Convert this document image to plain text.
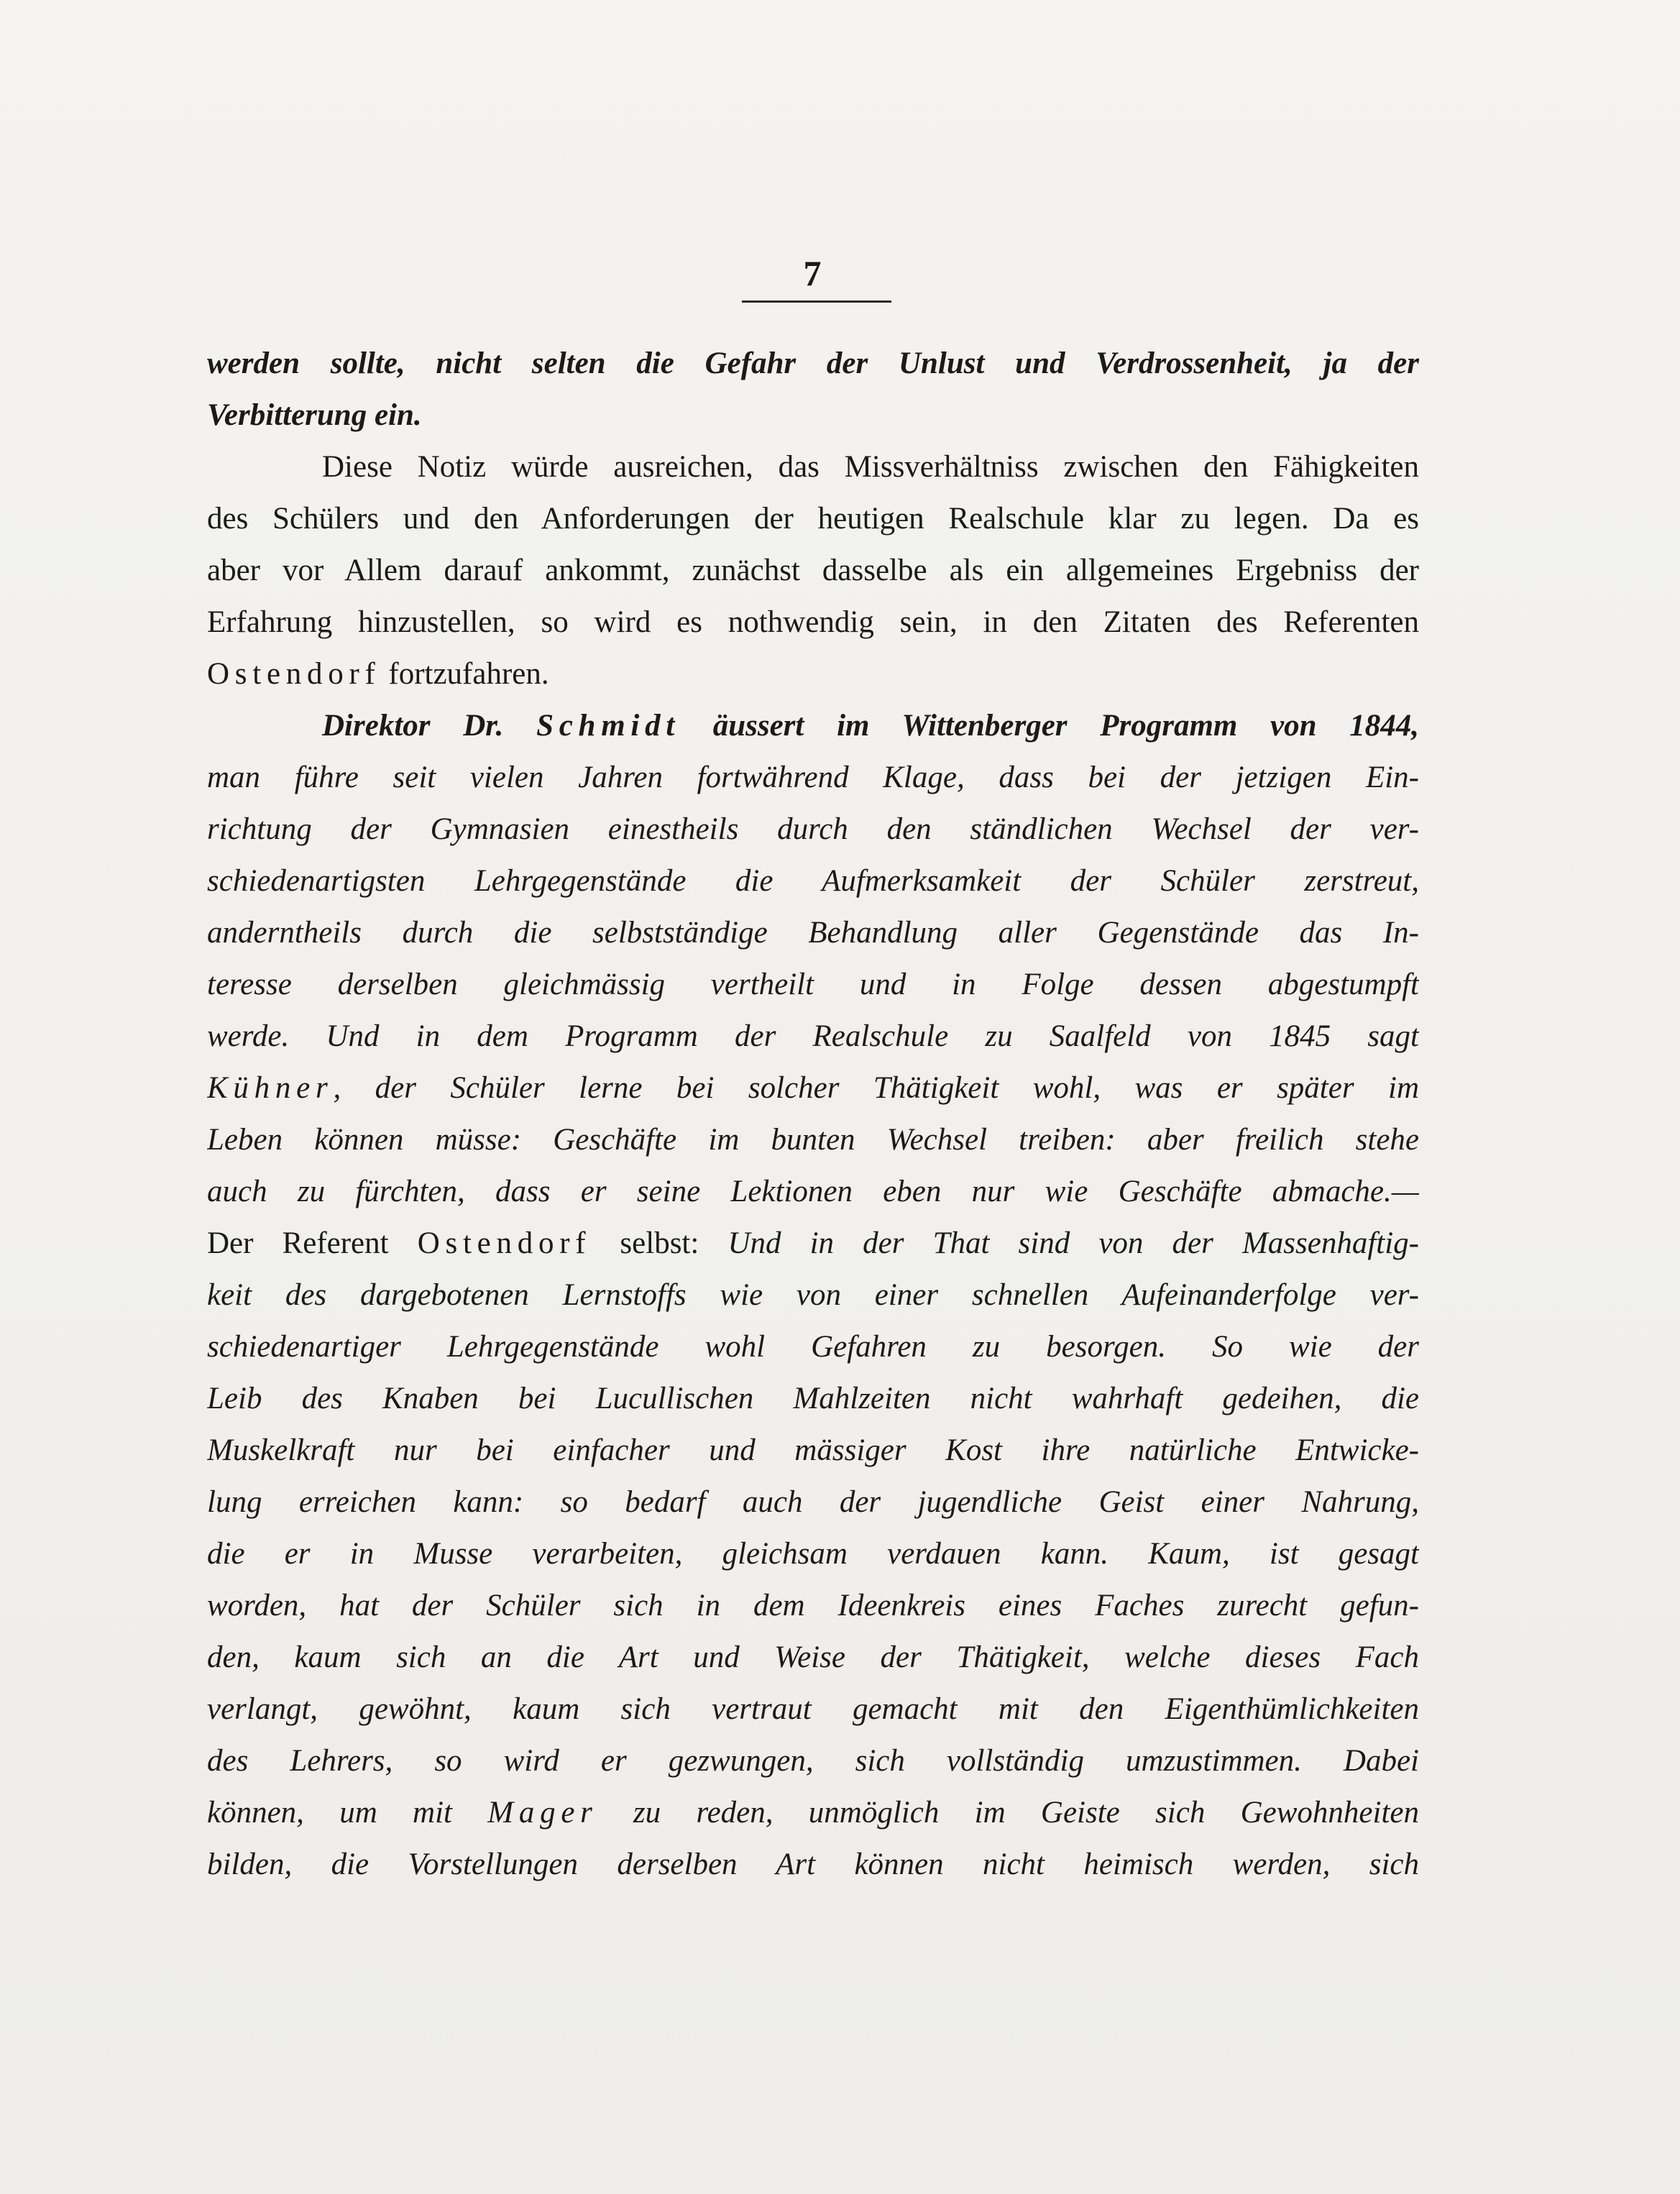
7
werden sollte, nicht selten die Gefahr der Unlust und Verdrossenheit, ja der
Verbitterung ein.
Diese Notiz würde ausreichen, das Missverhältniss zwischen den Fähigkeiten
des Schülers und den Anforderungen der heutigen Realschule klar zu legen. Da es
aber vor Allem darauf ankommt, zunächst dasselbe als ein allgemeines Ergebniss der
Erfahrung hinzustellen, so wird es nothwendig sein, in den Zitaten des Referenten
Ostendorf fortzufahren.
Direktor Dr. Schmidt äussert im Wittenberger Programm von 1844,
man führe seit vielen Jahren fortwährend Klage, dass bei der jetzigen Ein-
richtung der Gymnasien einestheils durch den ständlichen Wechsel der ver-
schiedenartigsten Lehrgegenstände die Aufmerksamkeit der Schüler zerstreut,
anderntheils durch die selbstständige Behandlung aller Gegenstände das In-
teresse derselben gleichmässig vertheilt und in Folge dessen abgestumpft
werde. Und in dem Programm der Realschule zu Saalfeld von 1845 sagt
Kühner, der Schüler lerne bei solcher Thätigkeit wohl, was er später im
Leben können müsse: Geschäfte im bunten Wechsel treiben: aber freilich stehe
auch zu fürchten, dass er seine Lektionen eben nur wie Geschäfte abmache.—
Der Referent Ostendorf selbst: Und in der That sind von der Massenhaftig-
keit des dargebotenen Lernstoffs wie von einer schnellen Aufeinanderfolge ver-
schiedenartiger Lehrgegenstände wohl Gefahren zu besorgen. So wie der
Leib des Knaben bei Lucullischen Mahlzeiten nicht wahrhaft gedeihen, die
Muskelkraft nur bei einfacher und mässiger Kost ihre natürliche Entwicke-
lung erreichen kann: so bedarf auch der jugendliche Geist einer Nahrung,
die er in Musse verarbeiten, gleichsam verdauen kann. Kaum, ist gesagt
worden, hat der Schüler sich in dem Ideenkreis eines Faches zurecht gefun-
den, kaum sich an die Art und Weise der Thätigkeit, welche dieses Fach
verlangt, gewöhnt, kaum sich vertraut gemacht mit den Eigenthümlichkeiten
des Lehrers, so wird er gezwungen, sich vollständig umzustimmen. Dabei
können, um mit Mager zu reden, unmöglich im Geiste sich Gewohnheiten
bilden, die Vorstellungen derselben Art können nicht heimisch werden, sich
